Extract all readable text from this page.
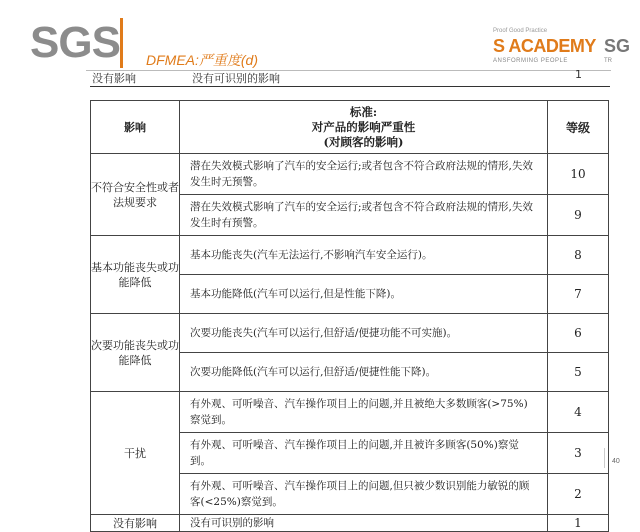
SGS DFMEA:严重度(d)
Proof Good Practice
S ACADEMY
ANSFORMING PEOPLE
SG
TR
没有影响	没有可识别的影响	1
影响	标准:
对产品的影响严重性
(对顾客的影响)	等级
不符合安全性或者法规要求	潜在失效模式影响了汽车的安全运行;或者包含不符合政府法规的情形,失效发生时无预警。	10
	潜在失效模式影响了汽车的安全运行;或者包含不符合政府法规的情形,失效发生时有预警。	9
基本功能丧失或功能降低	基本功能丧失(汽车无法运行,不影响汽车安全运行)。	8
	基本功能降低(汽车可以运行,但是性能下降)。	7
次要功能丧失或功能降低	次要功能丧失(汽车可以运行,但舒适/便捷功能不可实施)。	6
	次要功能降低(汽车可以运行,但舒适/便捷性能下降)。	5
干扰	有外观、可听噪音、汽车操作项目上的问题,并且被绝大多数顾客(>75%)察觉到。	4
	有外观、可听噪音、汽车操作项目上的问题,并且被许多顾客(50%)察觉到。	3
	有外观、可听噪音、汽车操作项目上的问题,但只被少数识别能力敏锐的顾客(<25%)察觉到。	2
没有影响	没有可识别的影响	1
40
